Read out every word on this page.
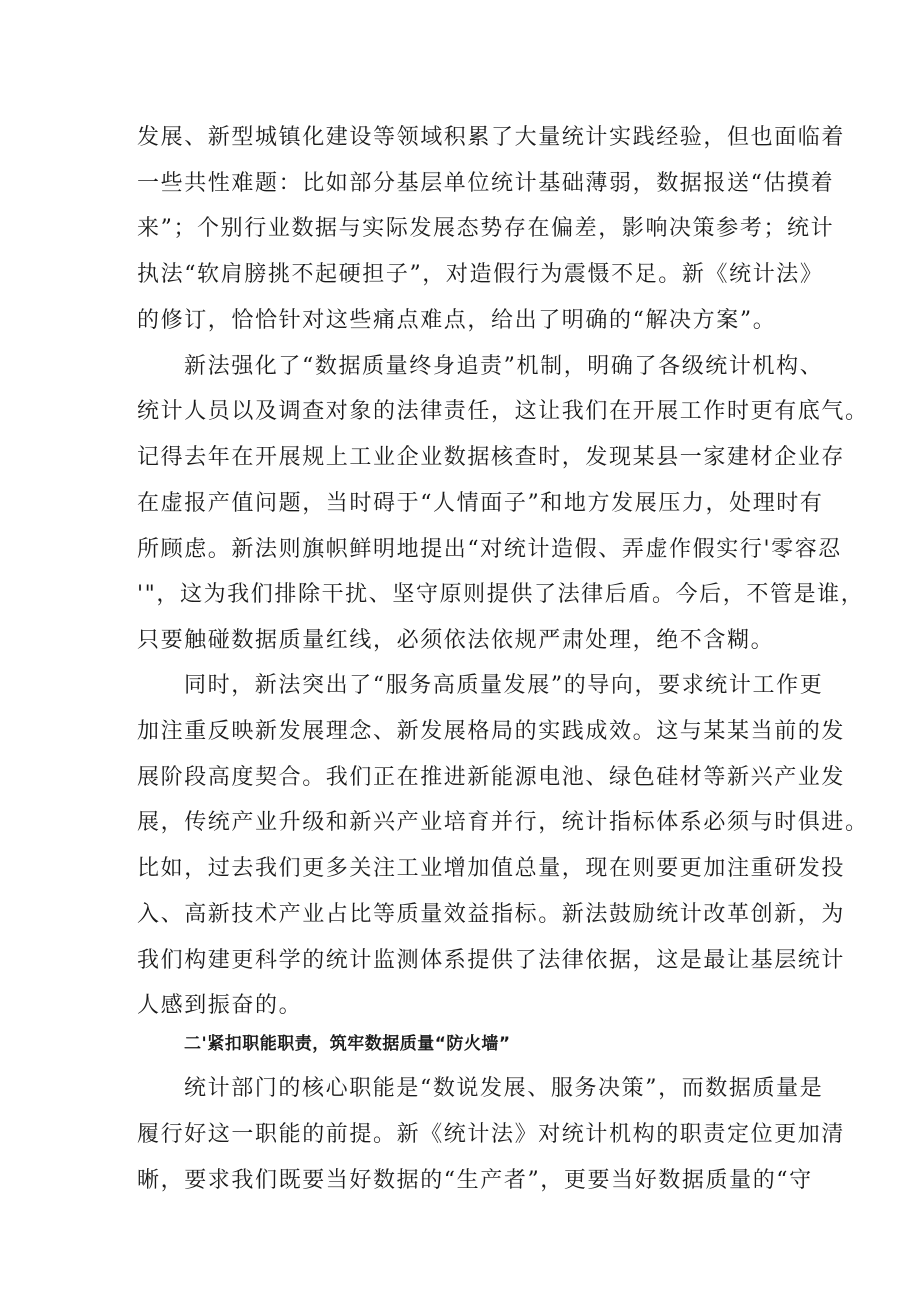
发展、新型城镇化建设等领域积累了大量统计实践经验，但也面临着
一些共性难题：比如部分基层单位统计基础薄弱，数据报送“估摸着
来”；个别行业数据与实际发展态势存在偏差，影响决策参考；统计
执法“软肩膀挑不起硬担子”，对造假行为震慑不足。新《统计法》
的修订，恰恰针对这些痛点难点，给出了明确的“解决方案”。
新法强化了“数据质量终身追责”机制，明确了各级统计机构、
统计人员以及调查对象的法律责任，这让我们在开展工作时更有底气。
记得去年在开展规上工业企业数据核查时，发现某县一家建材企业存
在虚报产值问题，当时碍于“人情面子”和地方发展压力，处理时有
所顾虑。新法则旗帜鲜明地提出“对统计造假、弄虚作假实行'零容忍
'"，这为我们排除干扰、坚守原则提供了法律后盾。今后，不管是谁，
只要触碰数据质量红线，必须依法依规严肃处理，绝不含糊。
同时，新法突出了“服务高质量发展”的导向，要求统计工作更
加注重反映新发展理念、新发展格局的实践成效。这与某某当前的发
展阶段高度契合。我们正在推进新能源电池、绿色硅材等新兴产业发
展，传统产业升级和新兴产业培育并行，统计指标体系必须与时俱进。
比如，过去我们更多关注工业增加值总量，现在则要更加注重研发投
入、高新技术产业占比等质量效益指标。新法鼓励统计改革创新，为
我们构建更科学的统计监测体系提供了法律依据，这是最让基层统计
人感到振奋的。
二'紧扣职能职责，筑牢数据质量“防火墙”
统计部门的核心职能是“数说发展、服务决策”，而数据质量是
履行好这一职能的前提。新《统计法》对统计机构的职责定位更加清
晰，要求我们既要当好数据的“生产者”，更要当好数据质量的“守
